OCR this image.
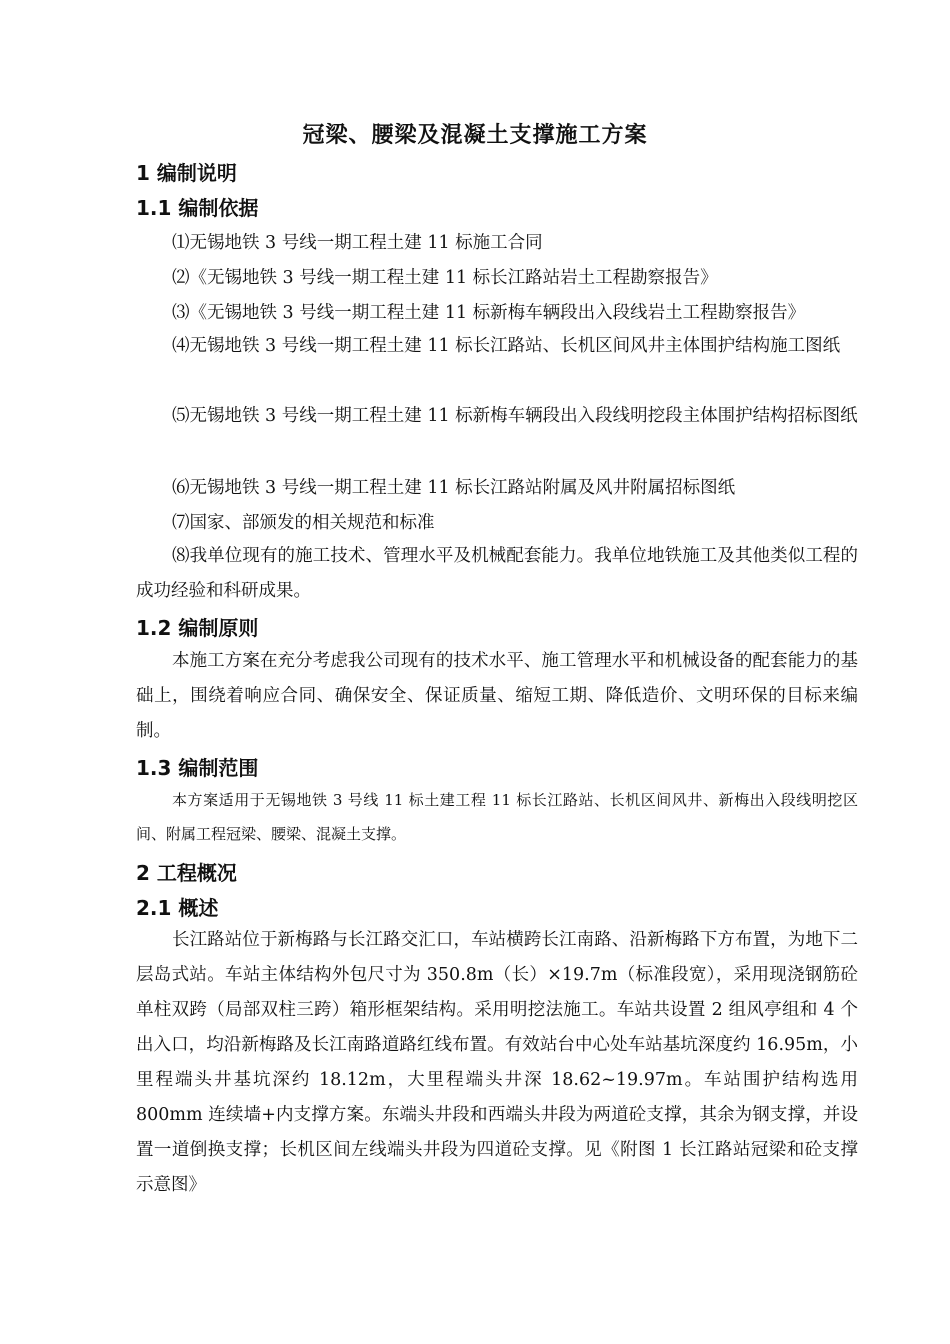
冠梁、腰梁及混凝土支撑施工方案
1 编制说明
1.1 编制依据
⑴无锡地铁 3 号线一期工程土建 11 标施工合同
⑵《无锡地铁 3 号线一期工程土建 11 标长江路站岩土工程勘察报告》
⑶《无锡地铁 3 号线一期工程土建 11 标新梅车辆段出入段线岩土工程勘察报告》
⑷无锡地铁 3 号线一期工程土建 11 标长江路站、长机区间风井主体围护结构施工图纸
⑸无锡地铁 3 号线一期工程土建 11 标新梅车辆段出入段线明挖段主体围护结构招标图纸
⑹无锡地铁 3 号线一期工程土建 11 标长江路站附属及风井附属招标图纸
⑺国家、部颁发的相关规范和标准
⑻我单位现有的施工技术、管理水平及机械配套能力。我单位地铁施工及其他类似工程的成功经验和科研成果。
1.2 编制原则
本施工方案在充分考虑我公司现有的技术水平、施工管理水平和机械设备的配套能力的基础上，围绕着响应合同、确保安全、保证质量、缩短工期、降低造价、文明环保的目标来编制。
1.3 编制范围
本方案适用于无锡地铁 3 号线 11 标土建工程 11 标长江路站、长机区间风井、新梅出入段线明挖区间、附属工程冠梁、腰梁、混凝土支撑。
2 工程概况
2.1 概述
长江路站位于新梅路与长江路交汇口，车站横跨长江南路、沿新梅路下方布置，为地下二层岛式站。车站主体结构外包尺寸为 350.8m（长）×19.7m（标准段宽），采用现浇钢筋砼单柱双跨（局部双柱三跨）箱形框架结构。采用明挖法施工。车站共设置 2 组风亭组和 4 个出入口，均沿新梅路及长江南路道路红线布置。有效站台中心处车站基坑深度约 16.95m，小里程端头井基坑深约 18.12m，大里程端头井深 18.62~19.97m。车站围护结构选用 800mm 连续墙+内支撑方案。东端头井段和西端头井段为两道砼支撑，其余为钢支撑，并设置一道倒换支撑；长机区间左线端头井段为四道砼支撑。见《附图 1 长江路站冠梁和砼支撑示意图》
